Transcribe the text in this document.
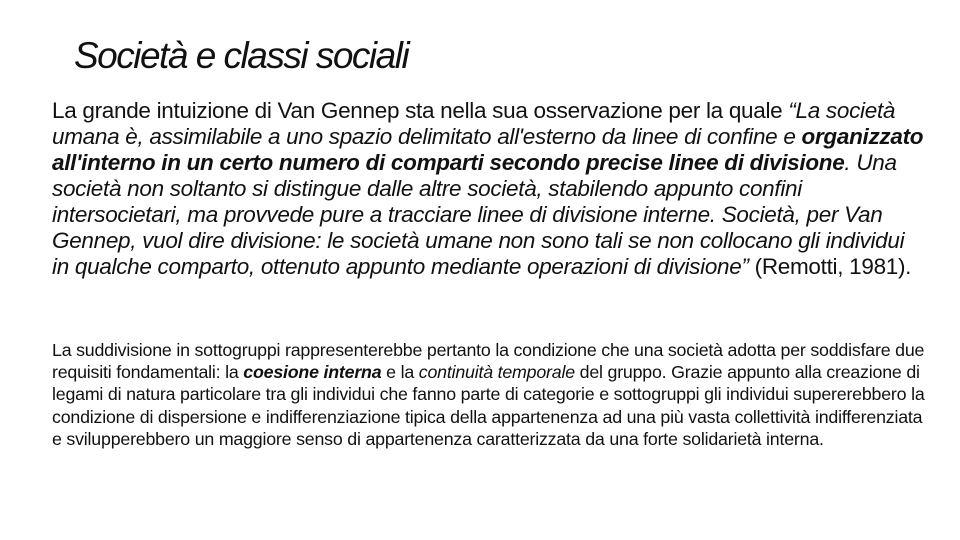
Società e classi sociali

La grande intuizione di Van Gennep sta nella sua osservazione per la quale “La società umana è, assimilabile a uno spazio delimitato all'esterno da linee di confine e organizzato all'interno in un certo numero di comparti secondo precise linee di divisione. Una società non soltanto si distingue dalle altre società, stabilendo appunto confini intersocietari, ma provvede pure a tracciare linee di divisione interne. Società, per Van Gennep, vuol dire divisione: le società umane non sono tali se non collocano gli individui in qualche comparto, ottenuto appunto mediante operazioni di divisione” (Remotti, 1981).

La suddivisione in sottogruppi rappresenterebbe pertanto la condizione che una società adotta per soddisfare due requisiti fondamentali: la coesione interna e la continuità temporale del gruppo. Grazie appunto alla creazione di legami di natura particolare tra gli individui che fanno parte di categorie e sottogruppi gli individui supererebbero la condizione di dispersione e indifferenziazione tipica della appartenenza ad una più vasta collettività indifferenziata e svilupperebbero un maggiore senso di appartenenza caratterizzata da una forte solidarietà interna.
